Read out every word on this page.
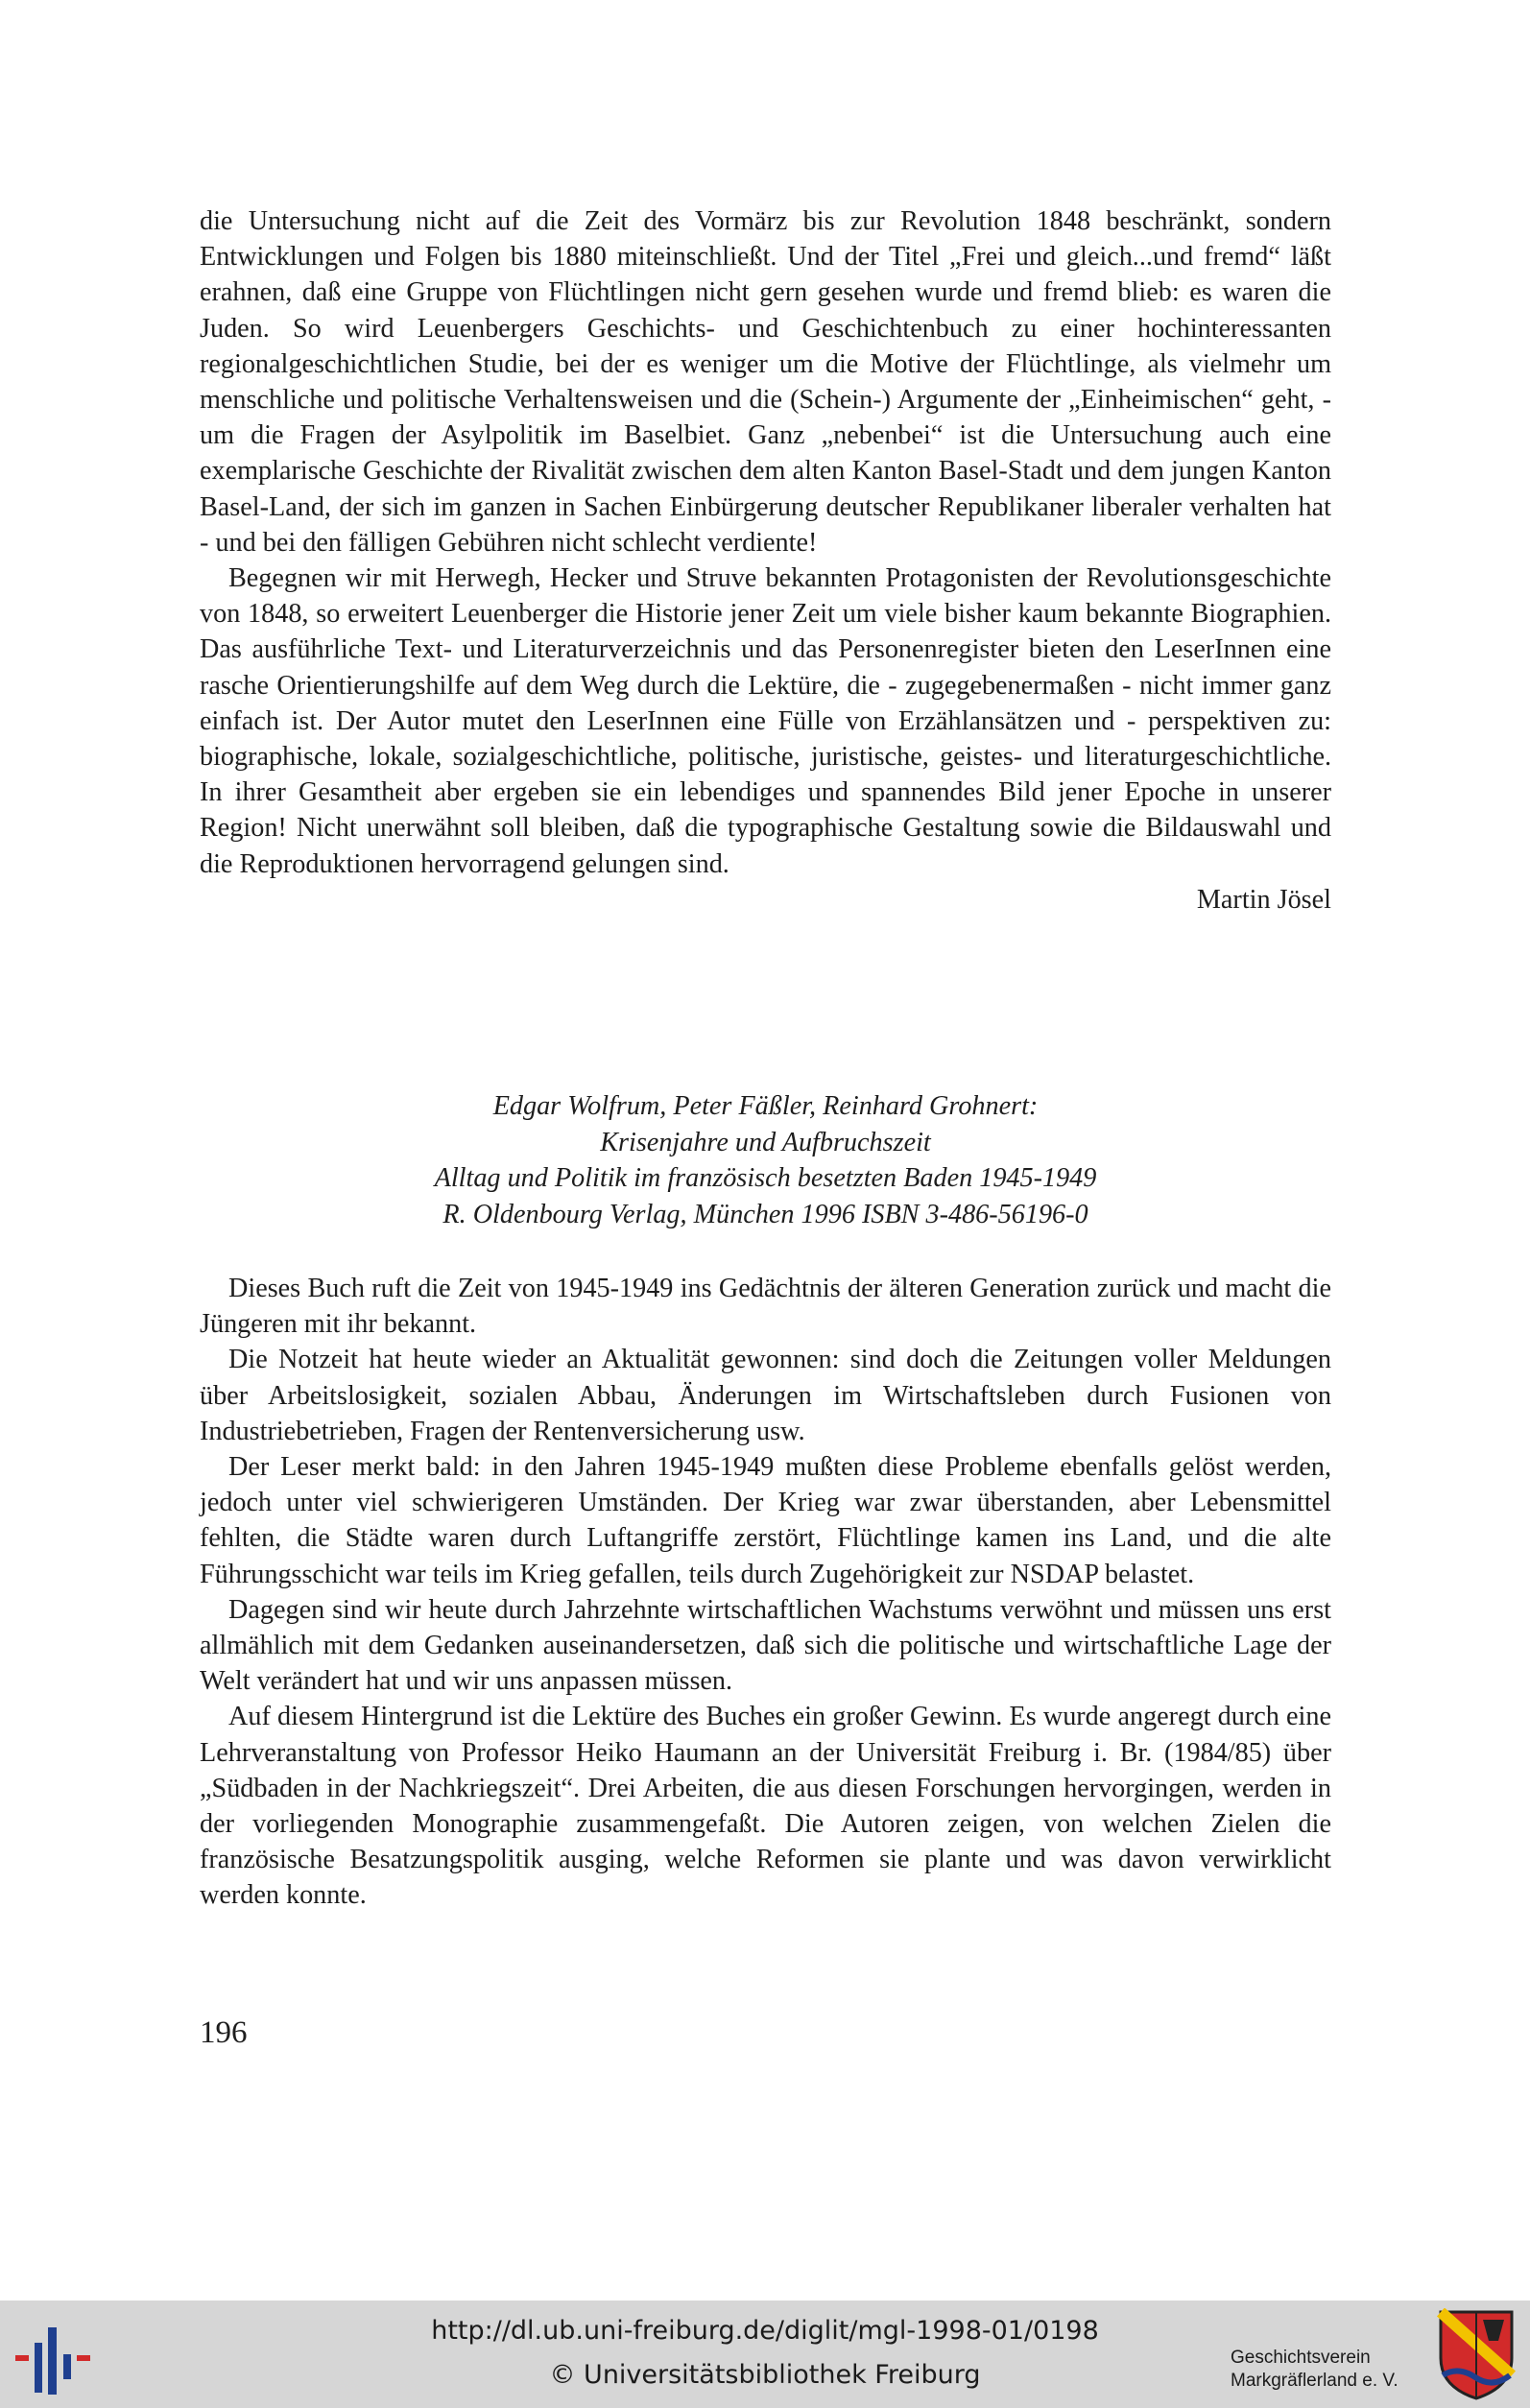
die Untersuchung nicht auf die Zeit des Vormärz bis zur Revolution 1848 beschränkt, sondern Entwicklungen und Folgen bis 1880 miteinschließt. Und der Titel „Frei und gleich...und fremd“ läßt erahnen, daß eine Gruppe von Flüchtlingen nicht gern gesehen wurde und fremd blieb: es waren die Juden. So wird Leuenbergers Geschichts- und Geschichtenbuch zu einer hochinteressanten regionalgeschichtlichen Studie, bei der es weniger um die Motive der Flüchtlinge, als vielmehr um menschliche und politische Verhaltensweisen und die (Schein-) Argumente der „Einheimischen“ geht, - um die Fragen der Asylpolitik im Baselbiet. Ganz „nebenbei“ ist die Untersuchung auch eine exemplarische Geschichte der Rivalität zwischen dem alten Kanton Basel-Stadt und dem jungen Kanton Basel-Land, der sich im ganzen in Sachen Einbürgerung deutscher Republikaner liberaler verhalten hat - und bei den fälligen Gebühren nicht schlecht verdiente!

Begegnen wir mit Herwegh, Hecker und Struve bekannten Protagonisten der Revolutionsgeschichte von 1848, so erweitert Leuenberger die Historie jener Zeit um viele bisher kaum bekannte Biographien. Das ausführliche Text- und Literaturverzeichnis und das Personenregister bieten den LeserInnen eine rasche Orientierungshilfe auf dem Weg durch die Lektüre, die - zugegebenermaßen - nicht immer ganz einfach ist. Der Autor mutet den LeserInnen eine Fülle von Erzählansätzen und - perspektiven zu: biographische, lokale, sozialgeschichtliche, politische, juristische, geistes- und literaturgeschichtliche. In ihrer Gesamtheit aber ergeben sie ein lebendiges und spannendes Bild jener Epoche in unserer Region! Nicht unerwähnt soll bleiben, daß die typographische Gestaltung sowie die Bildauswahl und die Reproduktionen hervorragend gelungen sind.

Martin Jösel
Edgar Wolfrum, Peter Fäßler, Reinhard Grohnert:
Krisenjahre und Aufbruchszeit
Alltag und Politik im französisch besetzten Baden 1945-1949
R. Oldenbourg Verlag, München 1996 ISBN 3-486-56196-0

Dieses Buch ruft die Zeit von 1945-1949 ins Gedächtnis der älteren Generation zurück und macht die Jüngeren mit ihr bekannt.

Die Notzeit hat heute wieder an Aktualität gewonnen: sind doch die Zeitungen voller Meldungen über Arbeitslosigkeit, sozialen Abbau, Änderungen im Wirtschaftsleben durch Fusionen von Industriebetrieben, Fragen der Rentenversicherung usw.

Der Leser merkt bald: in den Jahren 1945-1949 mußten diese Probleme ebenfalls gelöst werden, jedoch unter viel schwierigeren Umständen. Der Krieg war zwar überstanden, aber Lebensmittel fehlten, die Städte waren durch Luftangriffe zerstört, Flüchtlinge kamen ins Land, und die alte Führungsschicht war teils im Krieg gefallen, teils durch Zugehörigkeit zur NSDAP belastet.

Dagegen sind wir heute durch Jahrzehnte wirtschaftlichen Wachstums verwöhnt und müssen uns erst allmählich mit dem Gedanken auseinandersetzen, daß sich die politische und wirtschaftliche Lage der Welt verändert hat und wir uns anpassen müssen.

Auf diesem Hintergrund ist die Lektüre des Buches ein großer Gewinn. Es wurde angeregt durch eine Lehrveranstaltung von Professor Heiko Haumann an der Universität Freiburg i. Br. (1984/85) über „Südbaden in der Nachkriegszeit“. Drei Arbeiten, die aus diesen Forschungen hervorgingen, werden in der vorliegenden Monographie zusammengefaßt. Die Autoren zeigen, von welchen Zielen die französische Besatzungspolitik ausging, welche Reformen sie plante und was davon verwirklicht werden konnte.

196
http://dl.ub.uni-freiburg.de/diglit/mgl-1998-01/0198
© Universitätsbibliothek Freiburg
Geschichtsverein
Markgräflerland e. V.
